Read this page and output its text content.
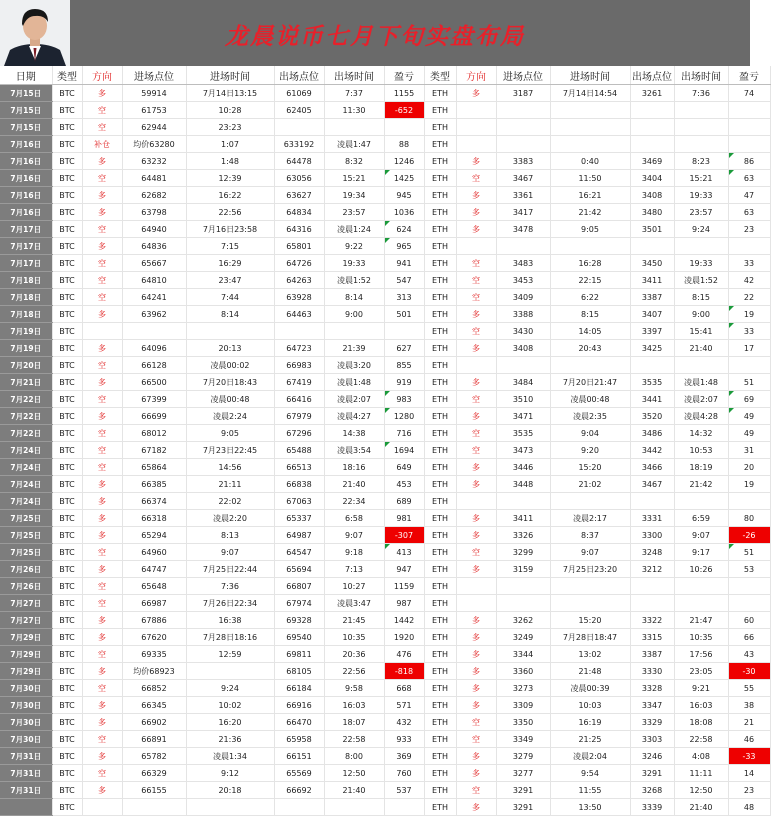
龙晨说币七月下旬实盘布局
日期	类型	方向	进场点位	进场时间	出场点位	出场时间	盈亏	类型	方向	进场点位	进场时间	出场点位	出场时间	盈亏
7月15日	BTC	多	59914	7月14日13:15	61069	7:37	1155	ETH	多	3187	7月14日14:54	3261	7:36	74
7月15日	BTC	空	61753	10:28	62405	11:30	-652	ETH						
7月15日	BTC	空	62944	23:23				ETH						
7月16日	BTC	补仓	均价63280	1:07	633192	凌晨1:47	88	ETH						
7月16日	BTC	多	63232	1:48	64478	8:32	1246	ETH	多	3383	0:40	3469	8:23	86
7月16日	BTC	空	64481	12:39	63056	15:21	1425	ETH	空	3467	11:50	3404	15:21	63
7月16日	BTC	多	62682	16:22	63627	19:34	945	ETH	多	3361	16:21	3408	19:33	47
7月16日	BTC	多	63798	22:56	64834	23:57	1036	ETH	多	3417	21:42	3480	23:57	63
7月17日	BTC	空	64940	7月16日23:58	64316	凌晨1:24	624	ETH	多	3478	9:05	3501	9:24	23
7月17日	BTC	多	64836	7:15	65801	9:22	965	ETH						
7月17日	BTC	空	65667	16:29	64726	19:33	941	ETH	空	3483	16:28	3450	19:33	33
7月18日	BTC	空	64810	23:47	64263	凌晨1:52	547	ETH	空	3453	22:15	3411	凌晨1:52	42
7月18日	BTC	空	64241	7:44	63928	8:14	313	ETH	空	3409	6:22	3387	8:15	22
7月18日	BTC	多	63962	8:14	64463	9:00	501	ETH	多	3388	8:15	3407	9:00	19
7月19日	BTC							ETH	空	3430	14:05	3397	15:41	33
7月19日	BTC	多	64096	20:13	64723	21:39	627	ETH	多	3408	20:43	3425	21:40	17
7月20日	BTC	空	66128	凌晨00:02	66983	凌晨3:20	855	ETH						
7月21日	BTC	多	66500	7月20日18:43	67419	凌晨1:48	919	ETH	多	3484	7月20日21:47	3535	凌晨1:48	51
7月22日	BTC	空	67399	凌晨00:48	66416	凌晨2:07	983	ETH	空	3510	凌晨00:48	3441	凌晨2:07	69
7月22日	BTC	多	66699	凌晨2:24	67979	凌晨4:27	1280	ETH	多	3471	凌晨2:35	3520	凌晨4:28	49
7月22日	BTC	空	68012	9:05	67296	14:38	716	ETH	空	3535	9:04	3486	14:32	49
7月24日	BTC	空	67182	7月23日22:45	65488	凌晨3:54	1694	ETH	空	3473	9:20	3442	10:53	31
7月24日	BTC	空	65864	14:56	66513	18:16	649	ETH	多	3446	15:20	3466	18:19	20
7月24日	BTC	多	66385	21:11	66838	21:40	453	ETH	多	3448	21:02	3467	21:42	19
7月24日	BTC	多	66374	22:02	67063	22:34	689	ETH						
7月25日	BTC	多	66318	凌晨2:20	65337	6:58	981	ETH	多	3411	凌晨2:17	3331	6:59	80
7月25日	BTC	多	65294	8:13	64987	9:07	-307	ETH	多	3326	8:37	3300	9:07	-26
7月25日	BTC	空	64960	9:07	64547	9:18	413	ETH	空	3299	9:07	3248	9:17	51
7月26日	BTC	多	64747	7月25日22:44	65694	7:13	947	ETH	多	3159	7月25日23:20	3212	10:26	53
7月26日	BTC	空	65648	7:36	66807	10:27	1159	ETH						
7月27日	BTC	空	66987	7月26日22:34	67974	凌晨3:47	987	ETH						
7月27日	BTC	多	67886	16:38	69328	21:45	1442	ETH	多	3262	15:20	3322	21:47	60
7月29日	BTC	多	67620	7月28日18:16	69540	10:35	1920	ETH	多	3249	7月28日18:47	3315	10:35	66
7月29日	BTC	空	69335	12:59	69811	20:36	476	ETH	多	3344	13:02	3387	17:56	43
7月29日	BTC	多	均价68923		68105	22:56	-818	ETH	多	3360	21:48	3330	23:05	-30
7月30日	BTC	空	66852	9:24	66184	9:58	668	ETH	多	3273	凌晨00:39	3328	9:21	55
7月30日	BTC	多	66345	10:02	66916	16:03	571	ETH	多	3309	10:03	3347	16:03	38
7月30日	BTC	多	66902	16:20	66470	18:07	432	ETH	空	3350	16:19	3329	18:08	21
7月30日	BTC	空	66891	21:36	65958	22:58	933	ETH	空	3349	21:25	3303	22:58	46
7月31日	BTC	多	65782	凌晨1:34	66151	8:00	369	ETH	多	3279	凌晨2:04	3246	4:08	-33
7月31日	BTC	空	66329	9:12	65569	12:50	760	ETH	多	3277	9:54	3291	11:11	14
7月31日	BTC	多	66155	20:18	66692	21:40	537	ETH	空	3291	11:55	3268	12:50	23
	BTC							ETH	多	3291	13:50	3339	21:40	48
